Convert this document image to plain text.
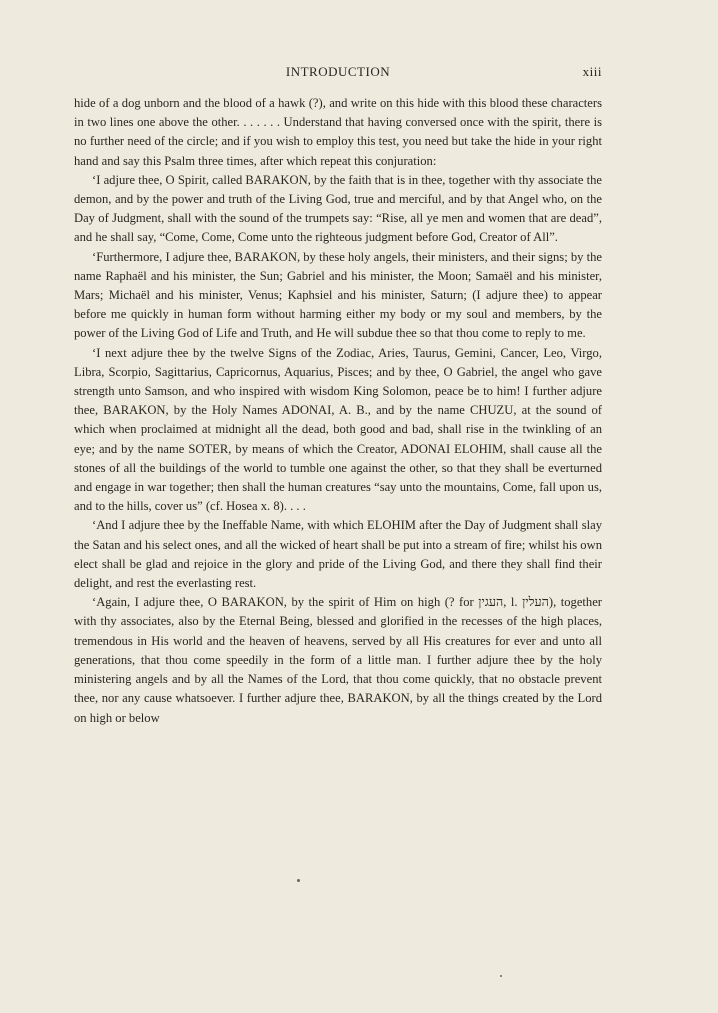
INTRODUCTION	xiii

hide of a dog unborn and the blood of a hawk (?), and write on this hide with this blood these characters in two lines one above the other. . . . . . . Understand that having conversed once with the spirit, there is no further need of the circle; and if you wish to employ this test, you need but take the hide in your right hand and say this Psalm three times, after which repeat this conjuration:

‘I adjure thee, O Spirit, called BARAKON, by the faith that is in thee, together with thy associate the demon, and by the power and truth of the Living God, true and merciful, and by that Angel who, on the Day of Judgment, shall with the sound of the trumpets say: “Rise, all ye men and women that are dead”, and he shall say, “Come, Come, Come unto the righteous judgment before God, Creator of All”.

‘Furthermore, I adjure thee, BARAKON, by these holy angels, their ministers, and their signs; by the name Raphaël and his minister, the Sun; Gabriel and his minister, the Moon; Samaël and his minister, Mars; Michaël and his minister, Venus; Kaphsiel and his minister, Saturn; (I adjure thee) to appear before me quickly in human form without harming either my body or my soul and members, by the power of the Living God of Life and Truth, and He will subdue thee so that thou come to reply to me.

‘I next adjure thee by the twelve Signs of the Zodiac, Aries, Taurus, Gemini, Cancer, Leo, Virgo, Libra, Scorpio, Sagittarius, Capricornus, Aquarius, Pisces; and by thee, O Gabriel, the angel who gave strength unto Samson, and who inspired with wisdom King Solomon, peace be to him! I further adjure thee, BARAKON, by the Holy Names ADONAI, A. B., and by the name CHUZU, at the sound of which when proclaimed at midnight all the dead, both good and bad, shall rise in the twinkling of an eye; and by the name SOTER, by means of which the Creator, ADONAI ELOHIM, shall cause all the stones of all the buildings of the world to tumble one against the other, so that they shall be everturned and engage in war together; then shall the human creatures “say unto the mountains, Come, fall upon us, and to the hills, cover us” (cf. Hosea x. 8). . . .

‘And I adjure thee by the Ineffable Name, with which ELOHIM after the Day of Judgment shall slay the Satan and his select ones, and all the wicked of heart shall be put into a stream of fire; whilst his own elect shall be glad and rejoice in the glory and pride of the Living God, and there they shall find their delight, and rest the everlasting rest.

‘Again, I adjure thee, O BARAKON, by the spirit of Him on high (? for העגין, l. העלין), together with thy associates, also by the Eternal Being, blessed and glorified in the recesses of the high places, tremendous in His world and the heaven of heavens, served by all His creatures for ever and unto all generations, that thou come speedily in the form of a little man. I further adjure thee by the holy ministering angels and by all the Names of the Lord, that thou come quickly, that no obstacle prevent thee, nor any cause whatsoever. I further adjure thee, BARAKON, by all the things created by the Lord on high or below
